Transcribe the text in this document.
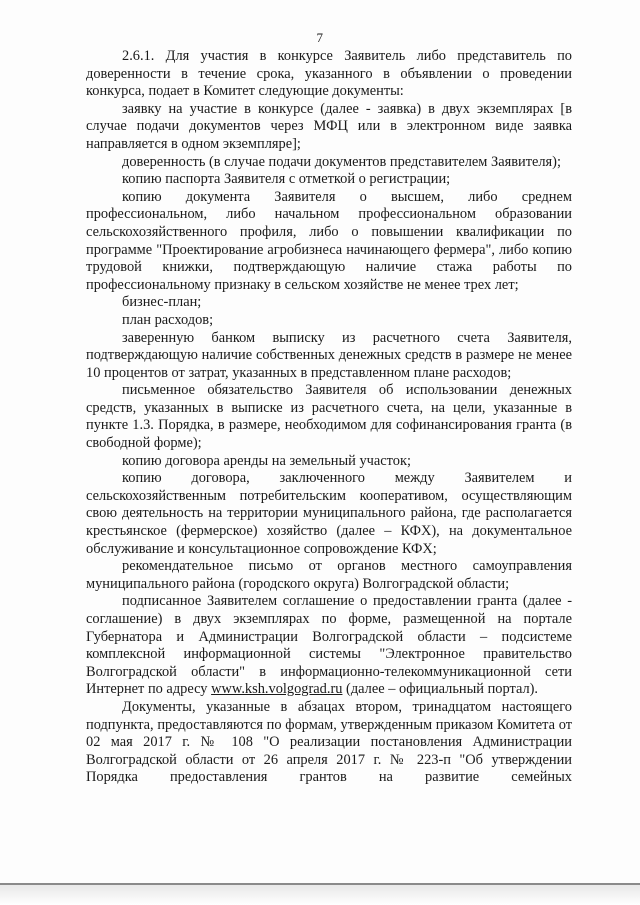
7

2.6.1. Для участия в конкурсе Заявитель либо представитель по доверенности в течение срока, указанного в объявлении о проведении конкурса, подает в Комитет следующие документы:

заявку на участие в конкурсе (далее - заявка) в двух экземплярах [в случае подачи документов через МФЦ или в электронном виде заявка направляется в одном экземпляре];

доверенность (в случае подачи документов представителем Заявителя);

копию паспорта Заявителя с отметкой о регистрации;

копию документа Заявителя о высшем, либо среднем профессиональном, либо начальном профессиональном образовании сельскохозяйственного профиля, либо о повышении квалификации по программе "Проектирование агробизнеса начинающего фермера", либо копию трудовой книжки, подтверждающую наличие стажа работы по профессиональному признаку в сельском хозяйстве не менее трех лет;

бизнес-план;

план расходов;

заверенную банком выписку из расчетного счета Заявителя, подтверждающую наличие собственных денежных средств в размере не менее 10 процентов от затрат, указанных в представленном плане расходов;

письменное обязательство Заявителя об использовании денежных средств, указанных в выписке из расчетного счета, на цели, указанные в пункте 1.3. Порядка, в размере, необходимом для софинансирования гранта (в свободной форме);

копию договора аренды на земельный участок;

копию договора, заключенного между Заявителем и сельскохозяйственным потребительским кооперативом, осуществляющим свою деятельность на территории муниципального района, где располагается крестьянское (фермерское) хозяйство (далее – КФХ), на документальное обслуживание и консультационное сопровождение КФХ;

рекомендательное письмо от органов местного самоуправления муниципального района (городского округа) Волгоградской области;

подписанное Заявителем соглашение о предоставлении гранта (далее - соглашение) в двух экземплярах по форме, размещенной на портале Губернатора и Администрации Волгоградской области – подсистеме комплексной информационной системы "Электронное правительство Волгоградской области" в информационно-телекоммуникационной сети Интернет по адресу www.ksh.volgograd.ru (далее – официальный портал).

Документы, указанные в абзацах втором, тринадцатом настоящего подпункта, предоставляются по формам, утвержденным приказом Комитета от 02 мая 2017 г. № 108 "О реализации постановления Администрации Волгоградской области от 26 апреля 2017 г. № 223-п "Об утверждении Порядка предоставления грантов на развитие семейных
